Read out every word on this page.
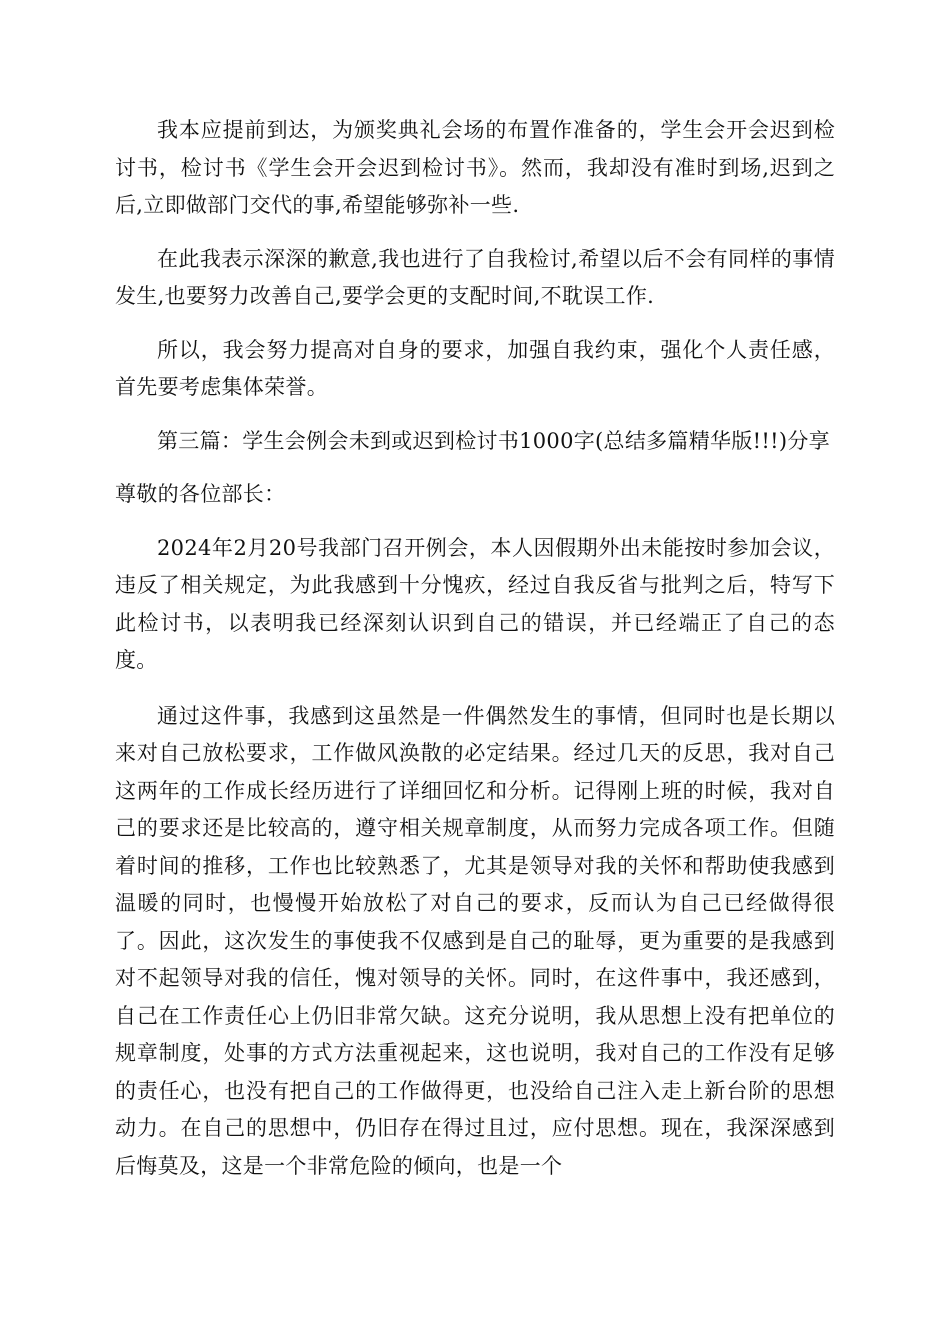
我本应提前到达，为颁奖典礼会场的布置作准备的，学生会开会迟到检讨书，检讨书《学生会开会迟到检讨书》。然而，我却没有准时到场,迟到之后,立即做部门交代的事,希望能够弥补一些.

在此我表示深深的歉意,我也进行了自我检讨,希望以后不会有同样的事情发生,也要努力改善自己,要学会更的支配时间,不耽误工作.

所以，我会努力提高对自身的要求，加强自我约束，强化个人责任感，首先要考虑集体荣誉。

第三篇：学生会例会未到或迟到检讨书1000字(总结多篇精华版!!!)分享

尊敬的各位部长：

2024年2月20号我部门召开例会，本人因假期外出未能按时参加会议，违反了相关规定，为此我感到十分愧疚，经过自我反省与批判之后，特写下此检讨书，以表明我已经深刻认识到自己的错误，并已经端正了自己的态度。

通过这件事，我感到这虽然是一件偶然发生的事情，但同时也是长期以来对自己放松要求，工作做风涣散的必定结果。经过几天的反思，我对自己这两年的工作成长经历进行了详细回忆和分析。记得刚上班的时候，我对自己的要求还是比较高的，遵守相关规章制度，从而努力完成各项工作。但随着时间的推移，工作也比较熟悉了，尤其是领导对我的关怀和帮助使我感到温暖的同时，也慢慢开始放松了对自己的要求，反而认为自己已经做得很了。因此，这次发生的事使我不仅感到是自己的耻辱，更为重要的是我感到对不起领导对我的信任，愧对领导的关怀。同时，在这件事中，我还感到，自己在工作责任心上仍旧非常欠缺。这充分说明，我从思想上没有把单位的规章制度，处事的方式方法重视起来，这也说明，我对自己的工作没有足够的责任心，也没有把自己的工作做得更，也没给自己注入走上新台阶的思想动力。在自己的思想中，仍旧存在得过且过，应付思想。现在，我深深感到后悔莫及，这是一个非常危险的倾向，也是一个
